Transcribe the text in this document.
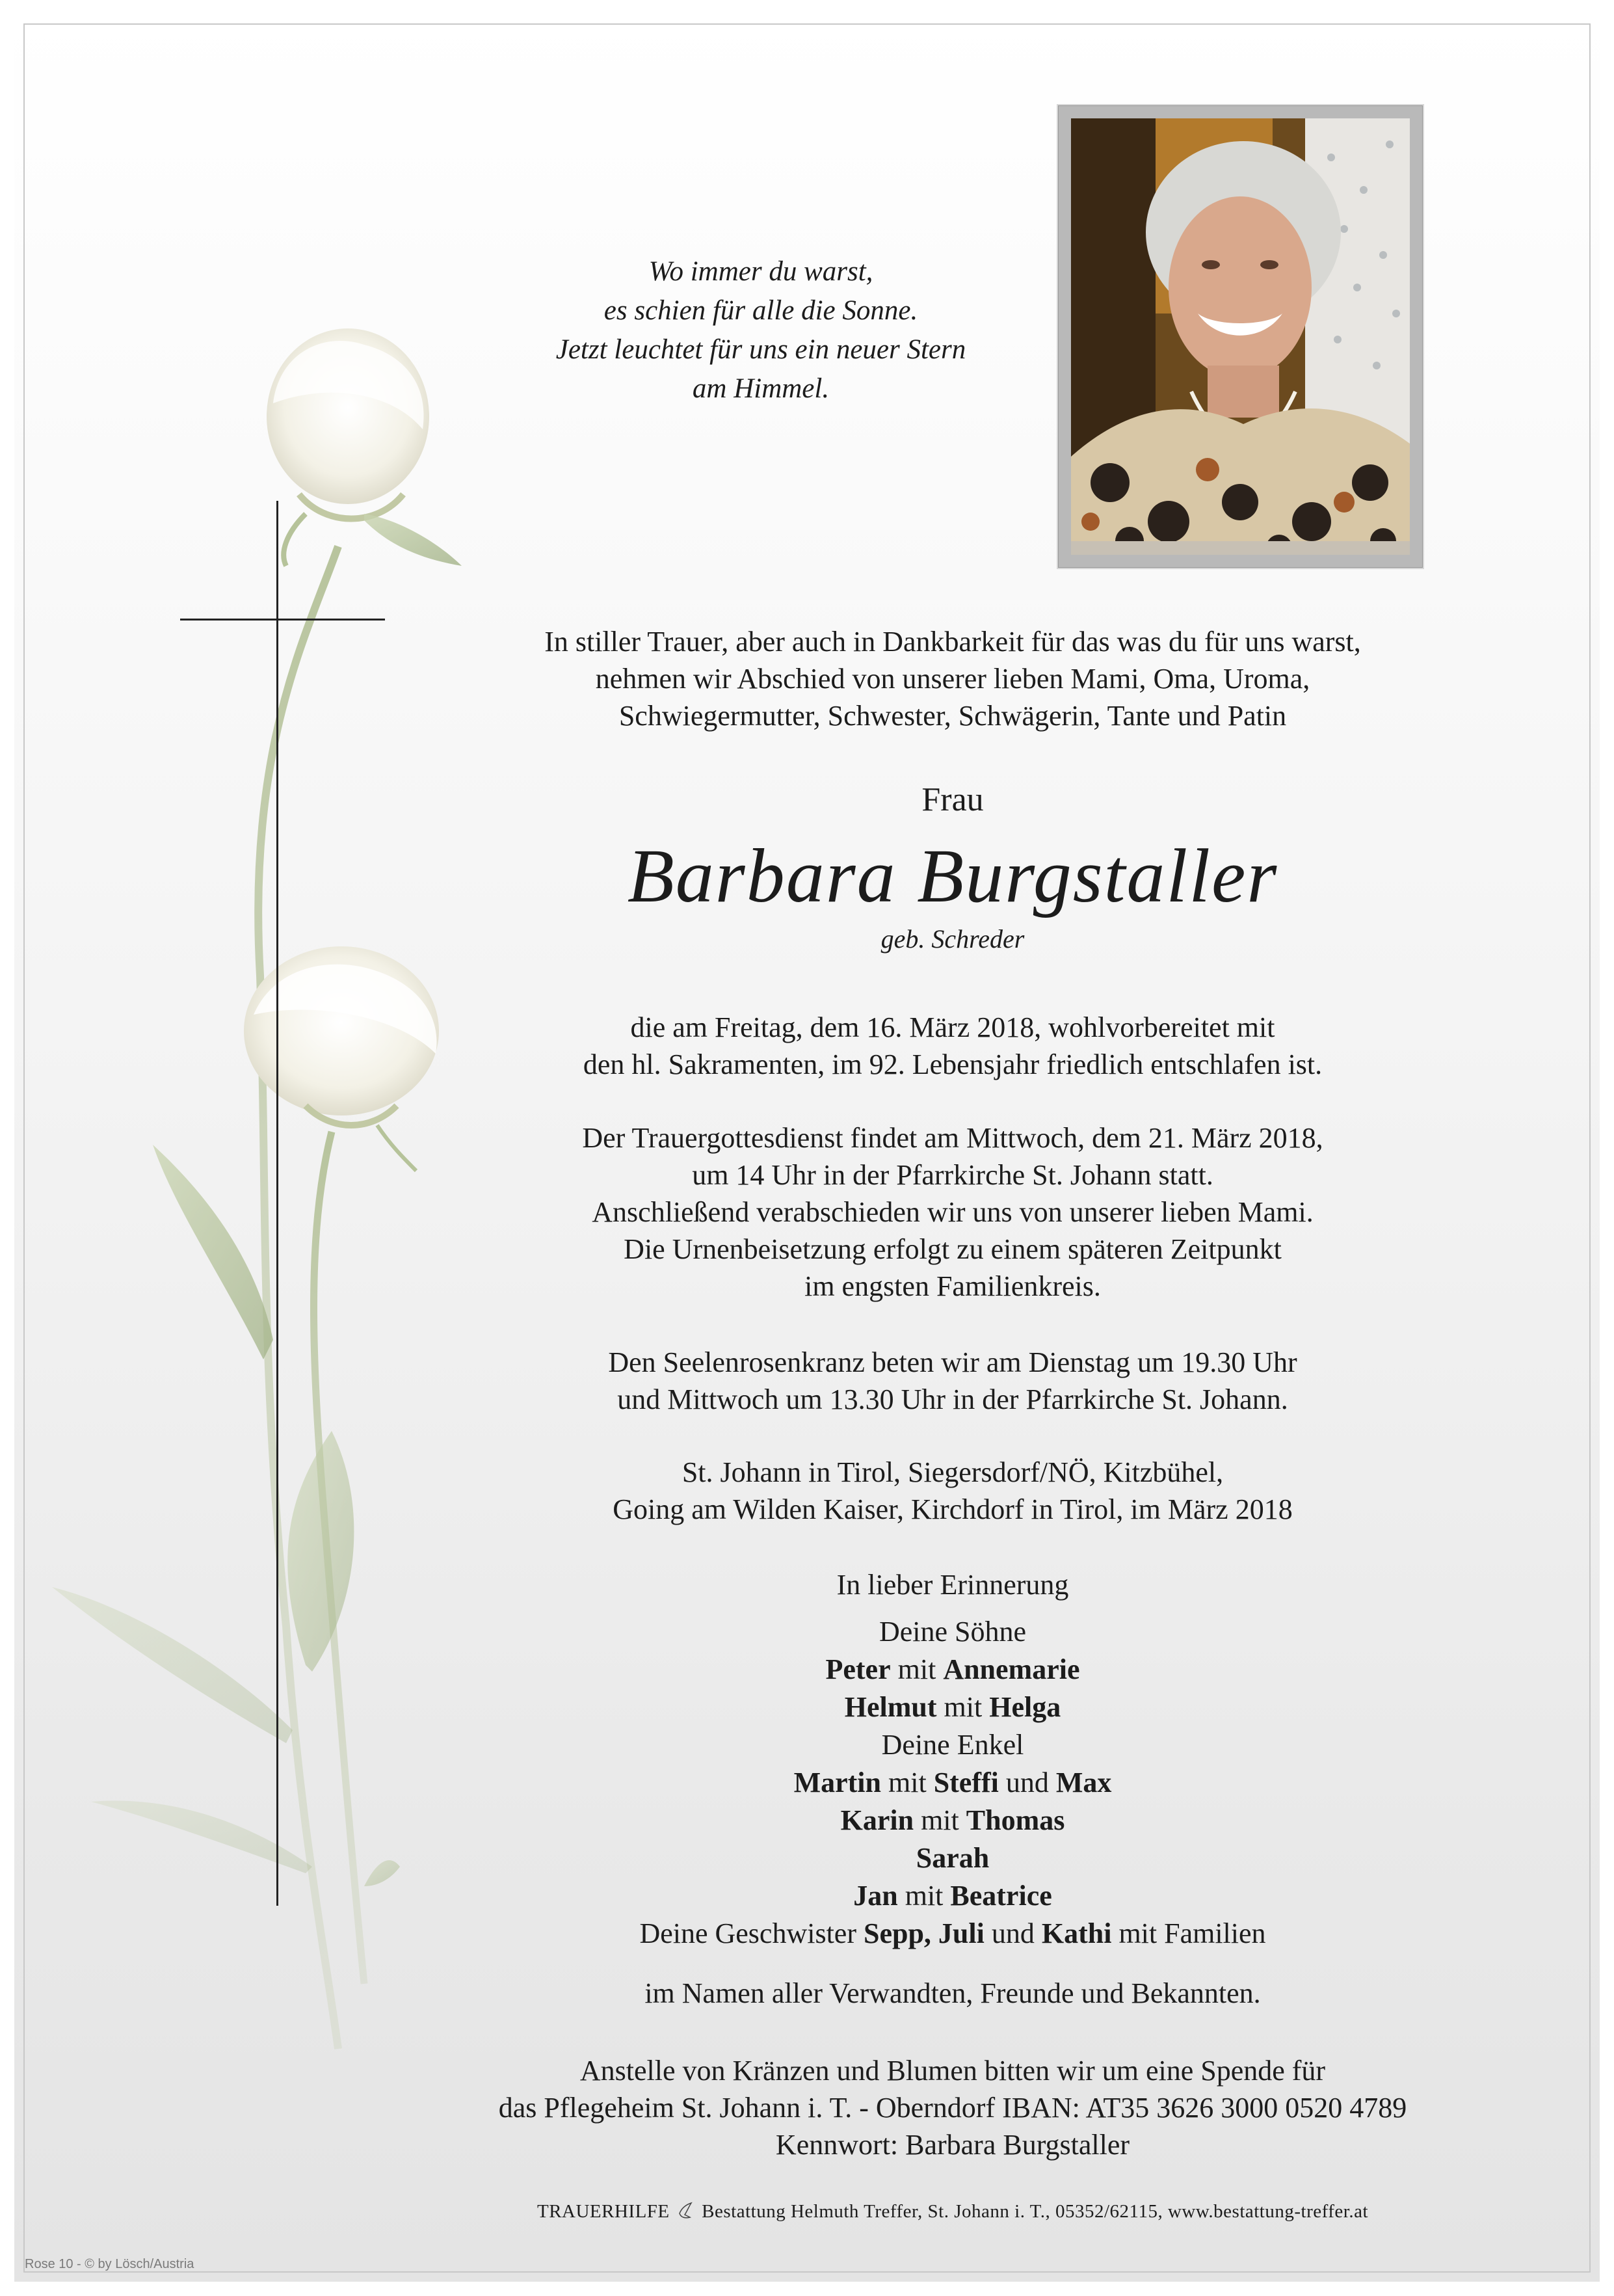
Wo immer du warst,
es schien für alle die Sonne.
Jetzt leuchtet für uns ein neuer Stern
am Himmel.

In stiller Trauer, aber auch in Dankbarkeit für das was du für uns warst,

nehmen wir Abschied von unserer lieben Mami, Oma, Uroma,

Schwiegermutter, Schwester, Schwägerin, Tante und Patin

Frau
Barbara Burgstaller
geb. Schreder

die am Freitag, dem 16. März 2018, wohlvorbereitet mit

den hl. Sakramenten, im 92. Lebensjahr friedlich entschlafen ist.

Der Trauergottesdienst findet am Mittwoch, dem 21. März 2018,

um 14 Uhr in der Pfarrkirche St. Johann statt.

Anschließend verabschieden wir uns von unserer lieben Mami.

Die Urnenbeisetzung erfolgt zu einem späteren Zeitpunkt

im engsten Familienkreis.

Den Seelenrosenkranz beten wir am Dienstag um 19.30 Uhr

und Mittwoch um 13.30 Uhr in der Pfarrkirche St. Johann.

St. Johann in Tirol, Siegersdorf/NÖ, Kitzbühel,

Going am Wilden Kaiser, Kirchdorf in Tirol, im März 2018

In lieber Erinnerung

Deine Söhne

Peter mit Annemarie

Helmut mit Helga

Deine Enkel

Martin mit Steffi und Max

Karin mit Thomas

Sarah

Jan mit Beatrice

Deine Geschwister Sepp, Juli und Kathi mit Familien

im Namen aller Verwandten, Freunde und Bekannten.

Anstelle von Kränzen und Blumen bitten wir um eine Spende für

das Pflegeheim St. Johann i. T. - Oberndorf IBAN: AT35 3626 3000 0520 4789

Kennwort: Barbara Burgstaller

TRAUERHILFE Bestattung Helmuth Treffer, St. Johann i. T., 05352/62115, www.bestattung-treffer.at
Rose 10 - © by Lösch/Austria
